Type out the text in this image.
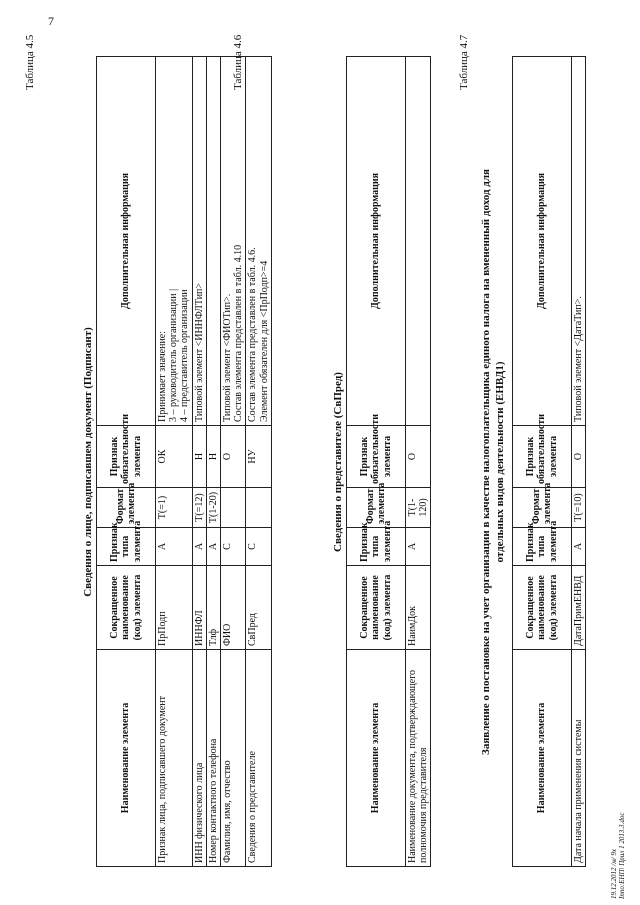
7
Таблица 4.5
Сведения о лице, подписавшем документ (Подписант)
Наименование элемента	Сокращенное наименование (код) элемента	Признак типа элемента	Формат элемента	Признак обязательности элемента	Дополнительная информация
Признак лица, подписавшего документ	ПрПодп	А	Т(=1)	ОК	Принимает значение: 3 – руководитель организации | 4 – представитель организации

ИНН физического лица	ИННФЛ	А	Т(=12)	Н	Типовой элемент <ИННФЛТип>

Номер контактного телефона	Тлф	А	Т(1-20)	Н	
Фамилия, имя, отчество	ФИО	С		О	Типовой элемент <ФИОТип>. Состав элемента представлен в табл. 4.10

Сведения о представителе	СвПред	С		НУ	Состав элемента представлен в табл. 4.6. Элемент обязателен для <ПрПодп>=4
Таблица 4.6
Сведения о представителе (СвПред)
Наименование элемента	Сокращенное наименование (код) элемента	Признак типа элемента	Формат элемента	Признак обязательности элемента	Дополнительная информация
Наименование документа, подтверждающего полномочия представителя	НаимДок	А	Т(1-120)	О	
Таблица 4.7
Заявление о постановке на учет организации в качестве налогоплательщика единого налога на вмененный доход для отдельных видов деятельности (ЕНВД1)
Наименование элемента	Сокращенное наименование (код) элемента	Признак типа элемента	Формат элемента	Признак обязательности элемента	Дополнительная информация
Дата начала применения системы	ДатаПримЕНВД	А	Т(=10)	О	Типовой элемент <ДатаТип>.
19.12.2012 /м/ 9х Іnпо:ЕНП\ Прил 1 2013.3.doc
